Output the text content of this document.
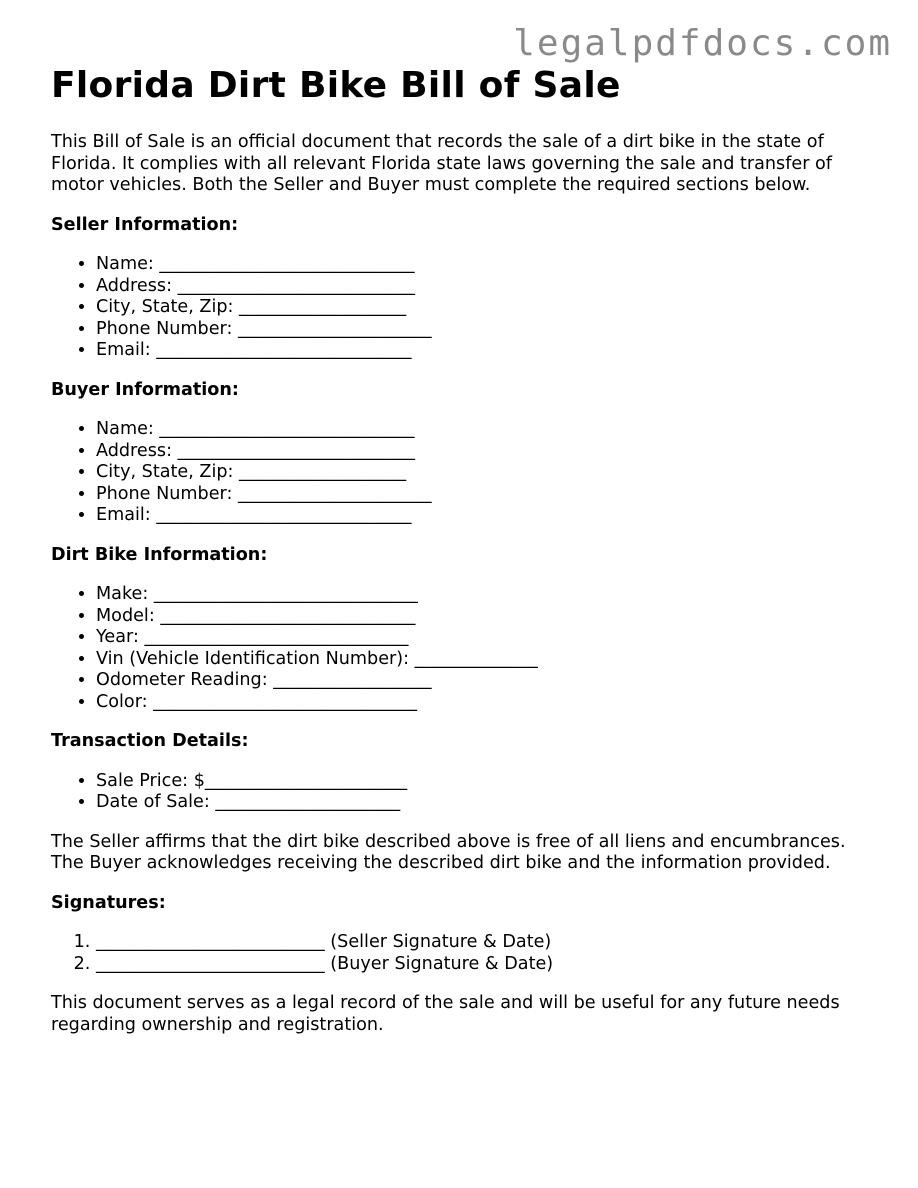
legalpdfdocs.com
Florida Dirt Bike Bill of Sale

This Bill of Sale is an official document that records the sale of a dirt bike in the state of Florida. It complies with all relevant Florida state laws governing the sale and transfer of motor vehicles. Both the Seller and Buyer must complete the required sections below.

Seller Information:
• Name: _____________________________
• Address: ___________________________
• City, State, Zip: ___________________
• Phone Number: ______________________
• Email: _____________________________
Buyer Information:
• Name: _____________________________
• Address: ___________________________
• City, State, Zip: ___________________
• Phone Number: ______________________
• Email: _____________________________
Dirt Bike Information:
• Make: ______________________________
• Model: _____________________________
• Year: ______________________________
• Vin (Vehicle Identification Number): ______________
• Odometer Reading: __________________
• Color: ______________________________
Transaction Details:
• Sale Price: $_______________________
• Date of Sale: _____________________

The Seller affirms that the dirt bike described above is free of all liens and encumbrances. The Buyer acknowledges receiving the described dirt bike and the information provided.

Signatures:
1. __________________________ (Seller Signature & Date)
2. __________________________ (Buyer Signature & Date)

This document serves as a legal record of the sale and will be useful for any future needs regarding ownership and registration.
